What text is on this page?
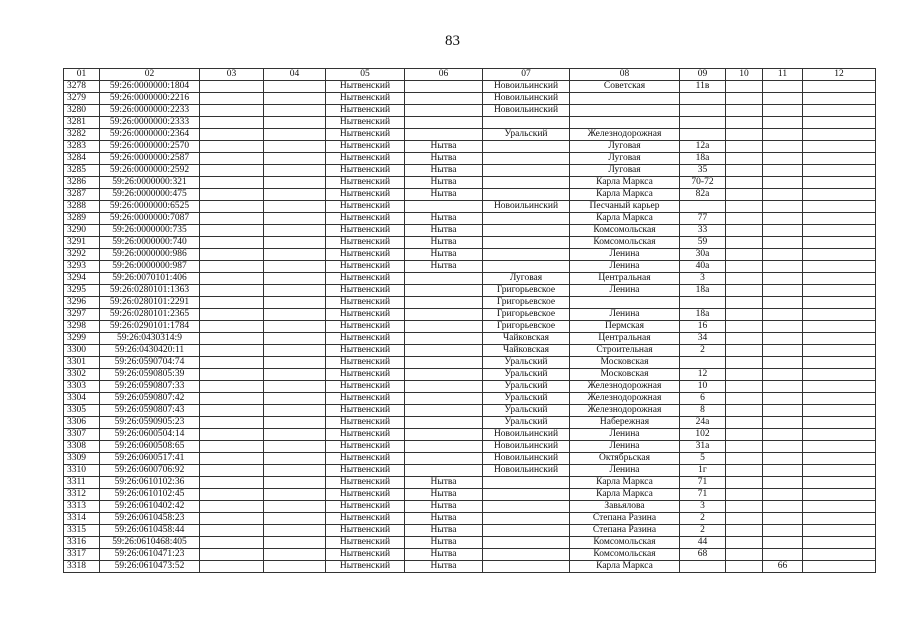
83
01	02	03	04	05	06	07	08	09	10	11	12
3278	59:26:0000000:1804			Нытвенский		Новоильинский	Советская	11в			
3279	59:26:0000000:2216			Нытвенский		Новоильинский					
3280	59:26:0000000:2233			Нытвенский		Новоильинский					
3281	59:26:0000000:2333			Нытвенский							
3282	59:26:0000000:2364			Нытвенский		Уральский	Железнодорожная				
3283	59:26:0000000:2570			Нытвенский	Нытва		Луговая	12а			
3284	59:26:0000000:2587			Нытвенский	Нытва		Луговая	18а			
3285	59:26:0000000:2592			Нытвенский	Нытва		Луговая	35			
3286	59:26:0000000:321			Нытвенский	Нытва		Карла Маркса	70-72			
3287	59:26:0000000:475			Нытвенский	Нытва		Карла Маркса	82а			
3288	59:26:0000000:6525			Нытвенский		Новоильинский	Песчаный карьер				
3289	59:26:0000000:7087			Нытвенский	Нытва		Карла Маркса	77			
3290	59:26:0000000:735			Нытвенский	Нытва		Комсомольская	33			
3291	59:26:0000000:740			Нытвенский	Нытва		Комсомольская	59			
3292	59:26:0000000:986			Нытвенский	Нытва		Ленина	30а			
3293	59:26:0000000:987			Нытвенский	Нытва		Ленина	40а			
3294	59:26:0070101:406			Нытвенский		Луговая	Центральная	3			
3295	59:26:0280101:1363			Нытвенский		Григорьевское	Ленина	18а			
3296	59:26:0280101:2291			Нытвенский		Григорьевское					
3297	59:26:0280101:2365			Нытвенский		Григорьевское	Ленина	18а			
3298	59:26:0290101:1784			Нытвенский		Григорьевское	Пермская	16			
3299	59:26:0430314:9			Нытвенский		Чайковская	Центральная	34			
3300	59:26:0430420:11			Нытвенский		Чайковская	Строительная	2			
3301	59:26:0590704:74			Нытвенский		Уральский	Московская				
3302	59:26:0590805:39			Нытвенский		Уральский	Московская	12			
3303	59:26:0590807:33			Нытвенский		Уральский	Железнодорожная	10			
3304	59:26:0590807:42			Нытвенский		Уральский	Железнодорожная	6			
3305	59:26:0590807:43			Нытвенский		Уральский	Железнодорожная	8			
3306	59:26:0590905:23			Нытвенский		Уральский	Набережная	24а			
3307	59:26:0600504:14			Нытвенский		Новоильинский	Ленина	102			
3308	59:26:0600508:65			Нытвенский		Новоильинский	Ленина	31а			
3309	59:26:0600517:41			Нытвенский		Новоильинский	Октябрьская	5			
3310	59:26:0600706:92			Нытвенский		Новоильинский	Ленина	1г			
3311	59:26:0610102:36			Нытвенский	Нытва		Карла Маркса	71			
3312	59:26:0610102:45			Нытвенский	Нытва		Карла Маркса	71			
3313	59:26:0610402:42			Нытвенский	Нытва		Завьялова	3			
3314	59:26:0610458:23			Нытвенский	Нытва		Степана Разина	2			
3315	59:26:0610458:44			Нытвенский	Нытва		Степана Разина	2			
3316	59:26:0610468:405			Нытвенский	Нытва		Комсомольская	44			
3317	59:26:0610471:23			Нытвенский	Нытва		Комсомольская	68			
3318	59:26:0610473:52			Нытвенский	Нытва		Карла Маркса			66	
